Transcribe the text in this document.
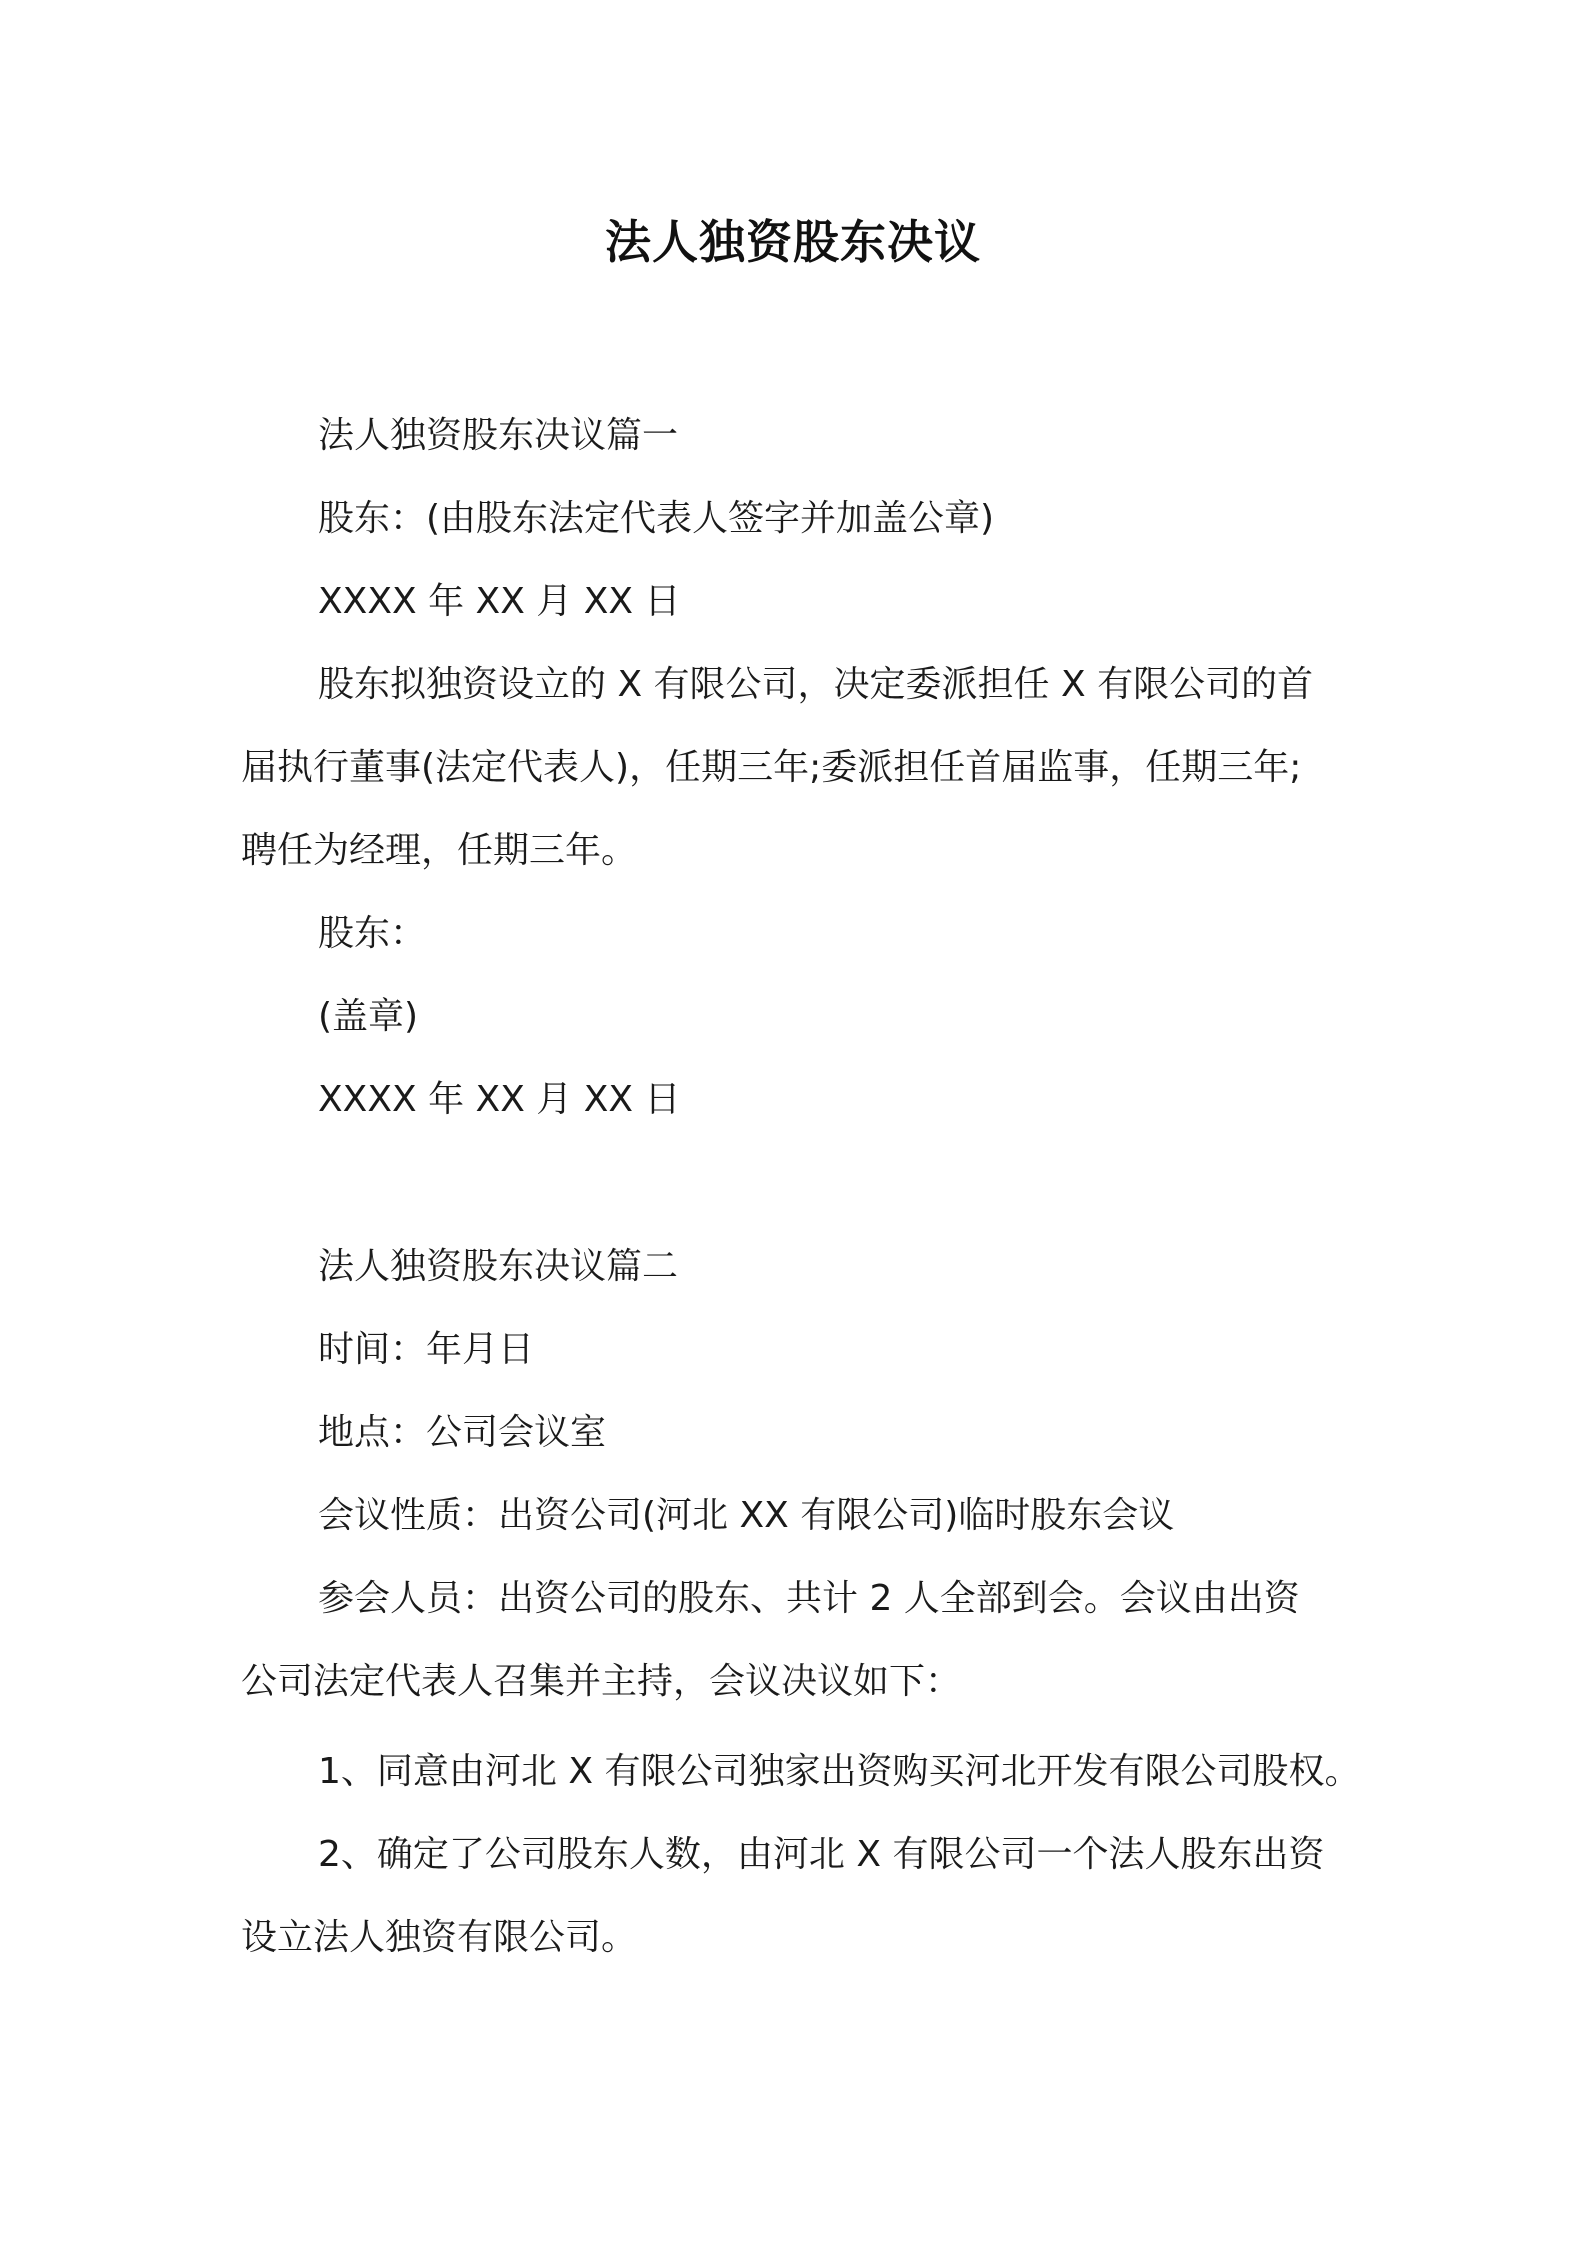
法人独资股东决议
法人独资股东决议篇一
股东：(由股东法定代表人签字并加盖公章)
XXXX 年 XX 月 XX 日
股东拟独资设立的 X 有限公司，决定委派担任 X 有限公司的首
届执行董事(法定代表人)，任期三年;委派担任首届监事，任期三年;
聘任为经理，任期三年。
股东：
(盖章)
XXXX 年 XX 月 XX 日
法人独资股东决议篇二
时间：年月日
地点：公司会议室
会议性质：出资公司(河北 XX 有限公司)临时股东会议
参会人员：出资公司的股东、共计 2 人全部到会。会议由出资
公司法定代表人召集并主持，会议决议如下：
1、同意由河北 X 有限公司独家出资购买河北开发有限公司股权。
2、确定了公司股东人数，由河北 X 有限公司一个法人股东出资
设立法人独资有限公司。
